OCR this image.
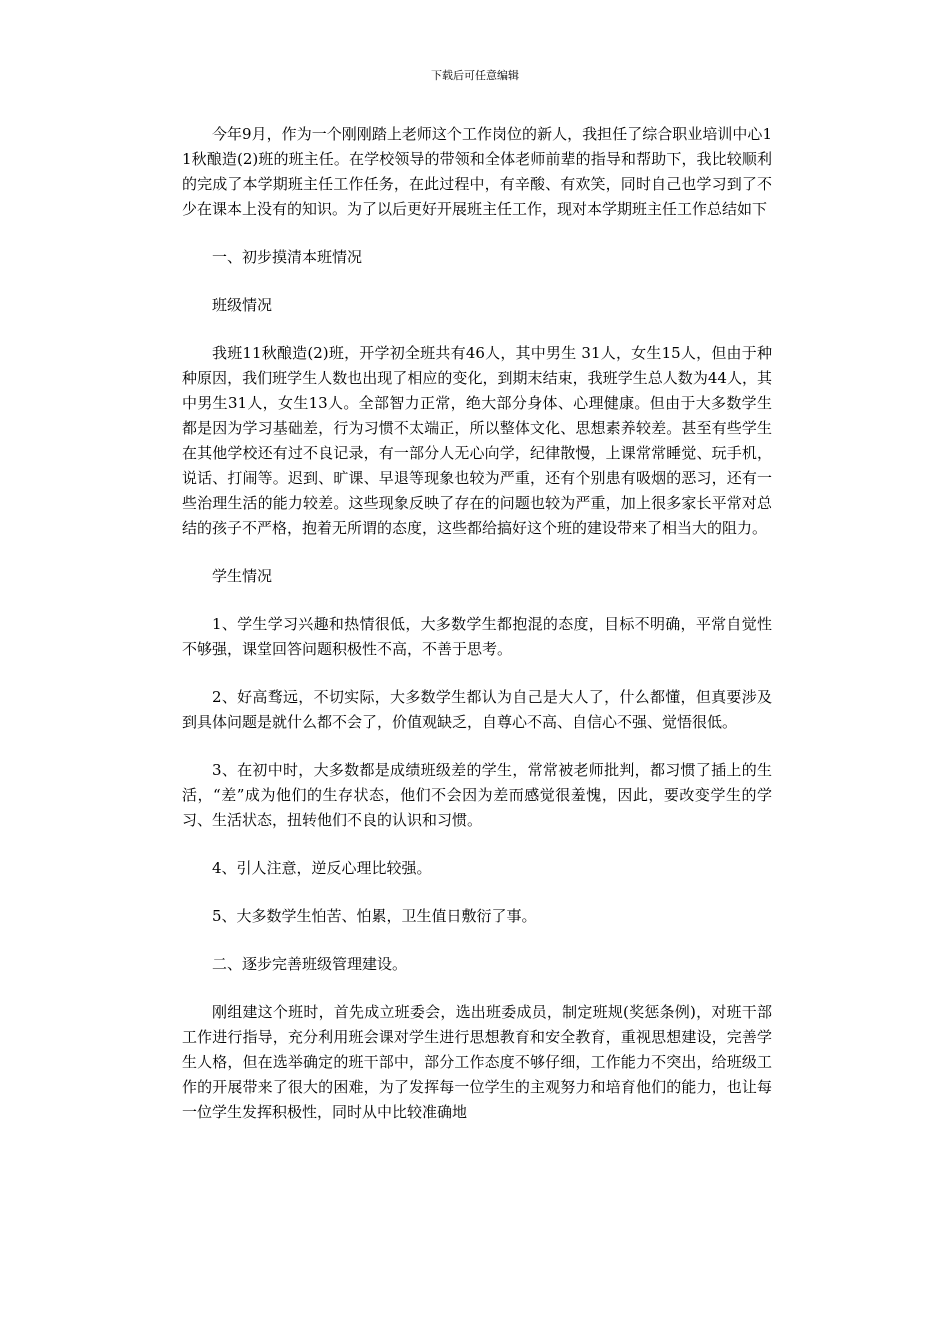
下载后可任意编辑

今年9月，作为一个刚刚踏上老师这个工作岗位的新人，我担任了综合职业培训中心11秋酿造(2)班的班主任。在学校领导的带领和全体老师前辈的指导和帮助下，我比较顺利的完成了本学期班主任工作任务，在此过程中，有辛酸、有欢笑，同时自己也学习到了不少在课本上没有的知识。为了以后更好开展班主任工作，现对本学期班主任工作总结如下

一、初步摸清本班情况

班级情况

我班11秋酿造(2)班，开学初全班共有46人，其中男生 31人，女生15人，但由于种种原因，我们班学生人数也出现了相应的变化，到期末结束，我班学生总人数为44人，其中男生31人，女生13人。全部智力正常，绝大部分身体、心理健康。但由于大多数学生都是因为学习基础差，行为习惯不太端正，所以整体文化、思想素养较差。甚至有些学生在其他学校还有过不良记录，有一部分人无心向学，纪律散慢，上课常常睡觉、玩手机，说话、打闹等。迟到、旷课、早退等现象也较为严重，还有个别患有吸烟的恶习，还有一些治理生活的能力较差。这些现象反映了存在的问题也较为严重，加上很多家长平常对总结的孩子不严格，抱着无所谓的态度，这些都给搞好这个班的建设带来了相当大的阻力。

学生情况

1、学生学习兴趣和热情很低，大多数学生都抱混的态度，目标不明确，平常自觉性不够强，课堂回答问题积极性不高，不善于思考。

2、好高骛远，不切实际，大多数学生都认为自己是大人了，什么都懂，但真要涉及到具体问题是就什么都不会了，价值观缺乏，自尊心不高、自信心不强、觉悟很低。

3、在初中时，大多数都是成绩班级差的学生，常常被老师批判，都习惯了插上的生活，“差”成为他们的生存状态，他们不会因为差而感觉很羞愧，因此，要改变学生的学习、生活状态，扭转他们不良的认识和习惯。

4、引人注意，逆反心理比较强。

5、大多数学生怕苦、怕累，卫生值日敷衍了事。

二、逐步完善班级管理建设。

刚组建这个班时，首先成立班委会，选出班委成员，制定班规(奖惩条例)，对班干部工作进行指导，充分利用班会课对学生进行思想教育和安全教育，重视思想建设，完善学生人格，但在选举确定的班干部中，部分工作态度不够仔细，工作能力不突出，给班级工作的开展带来了很大的困难，为了发挥每一位学生的主观努力和培育他们的能力，也让每一位学生发挥积极性，同时从中比较准确地
